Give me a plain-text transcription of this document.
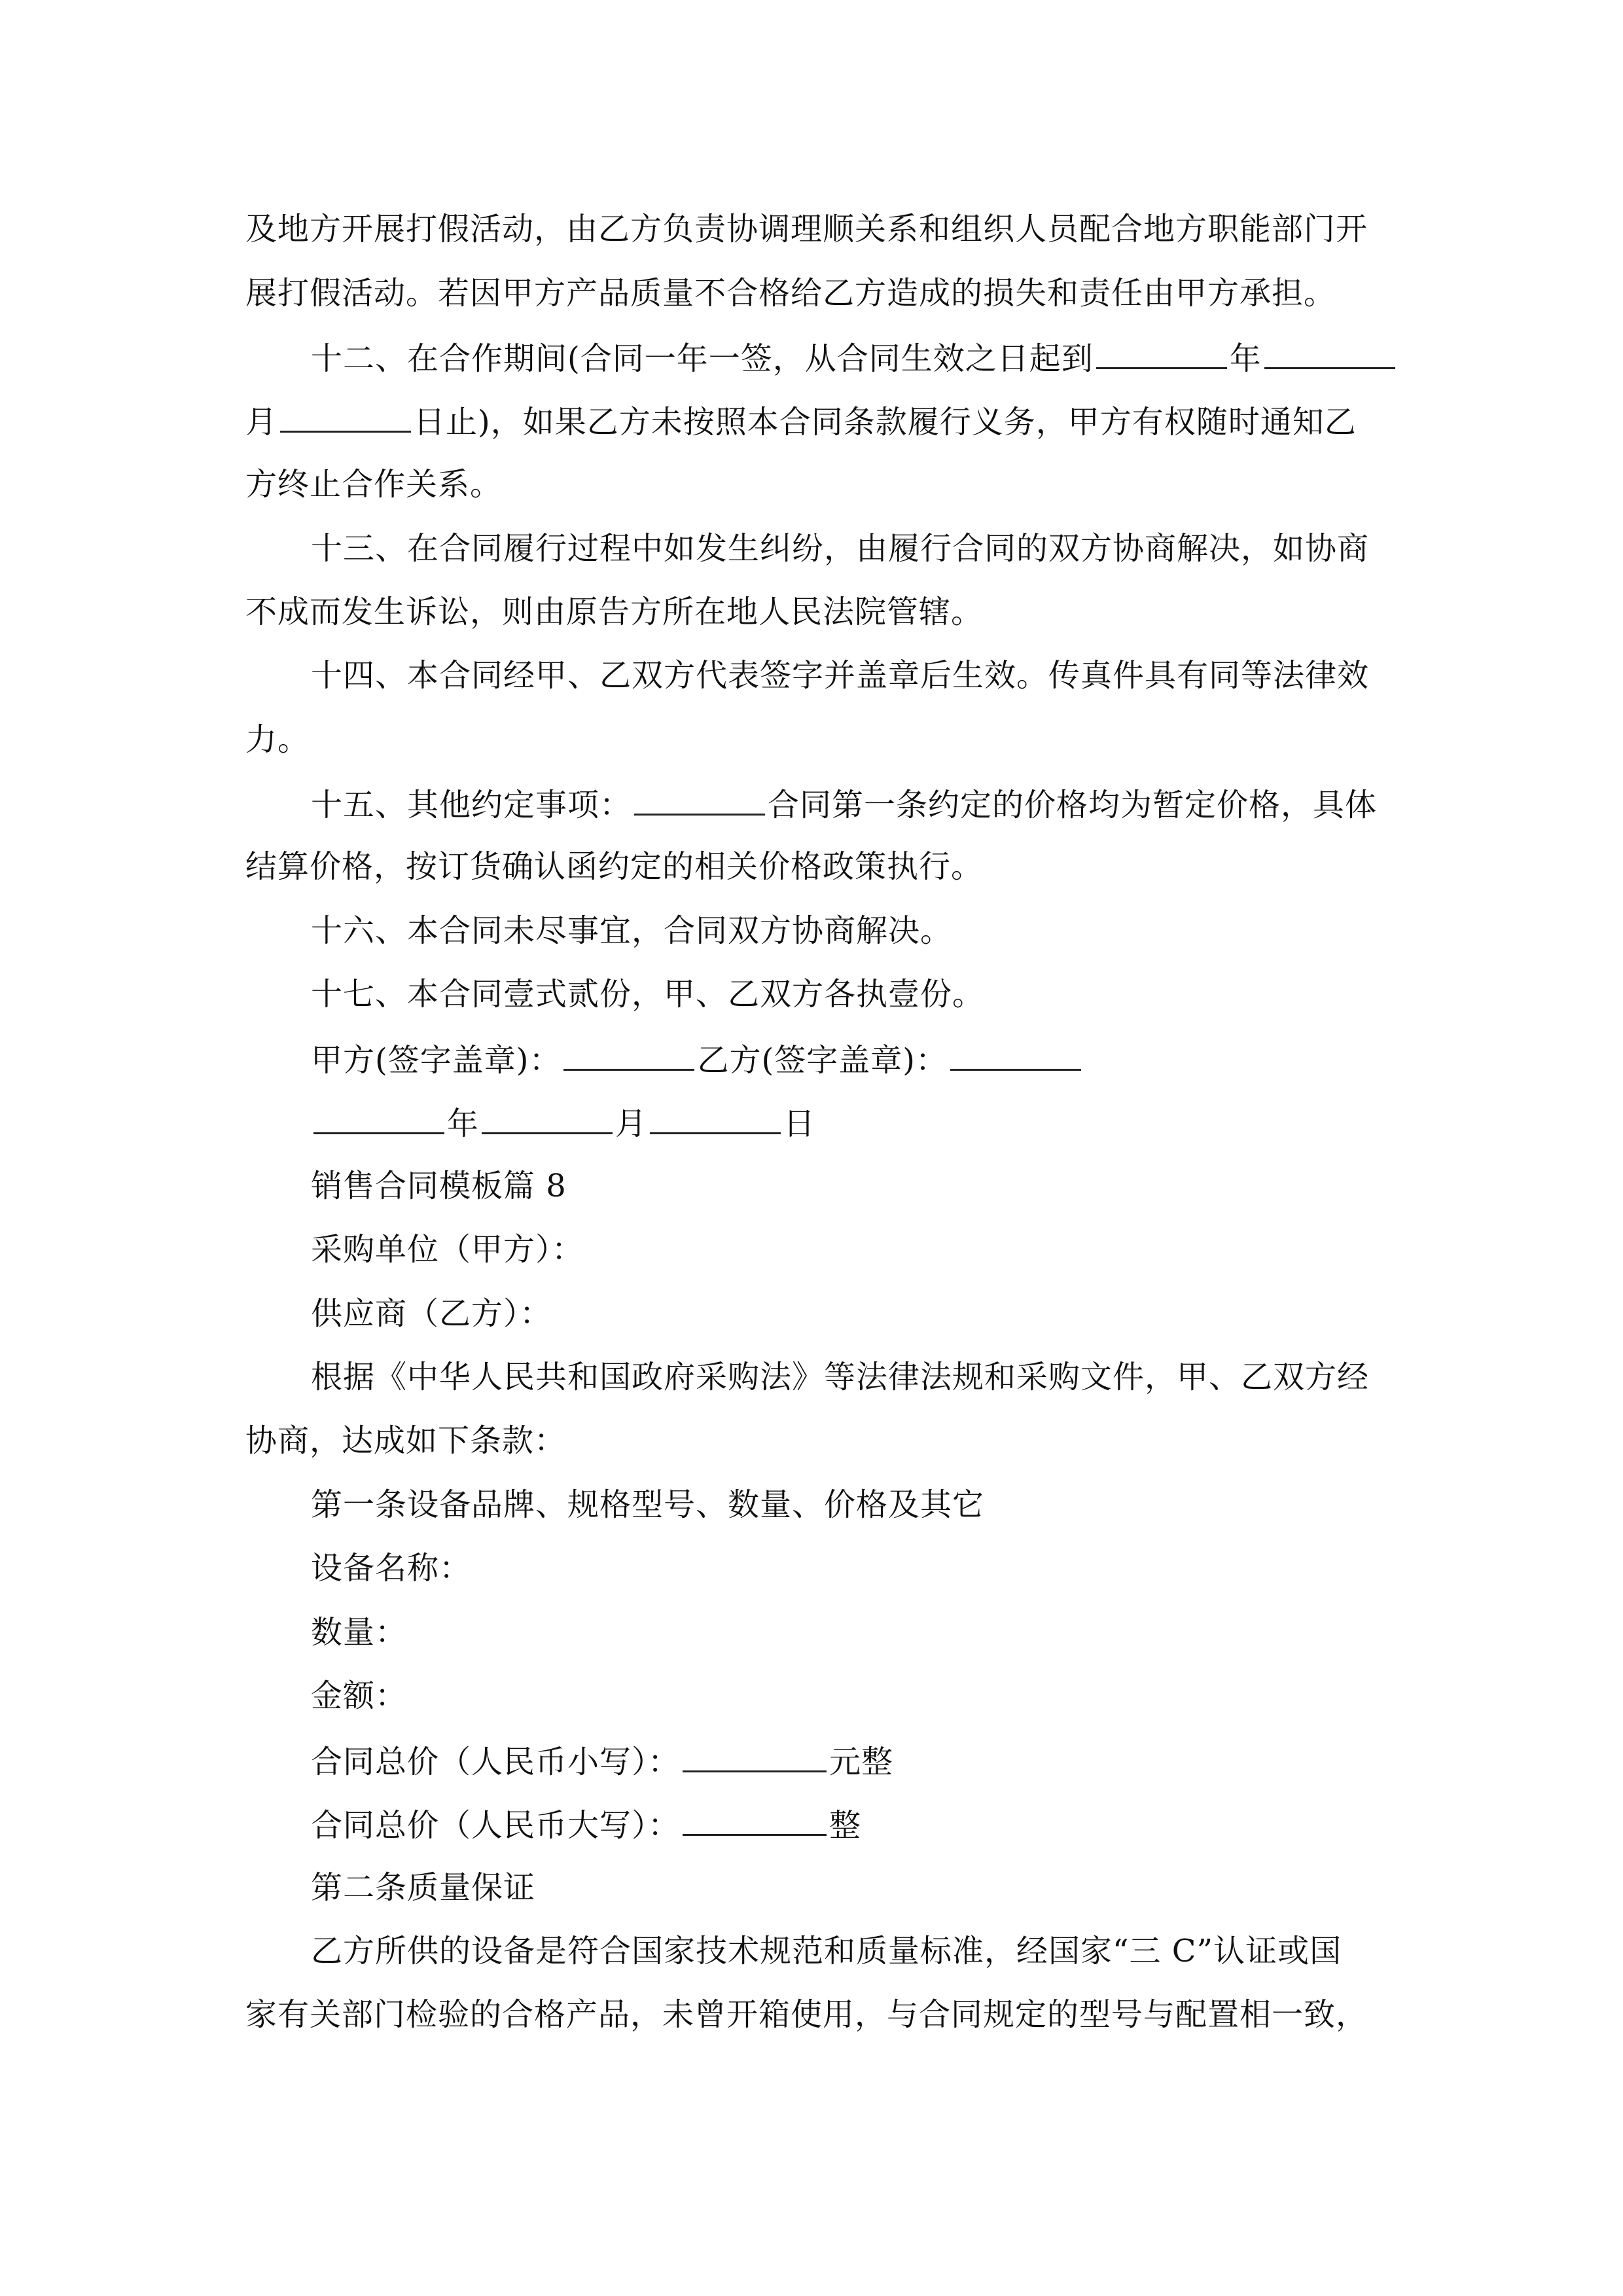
及地方开展打假活动，由乙方负责协调理顺关系和组织人员配合地方职能部门开
展打假活动。若因甲方产品质量不合格给乙方造成的损失和责任由甲方承担。
十二、在合作期间(合同一年一签，从合同生效之日起到	年
月	日止)，如果乙方未按照本合同条款履行义务，甲方有权随时通知乙
方终止合作关系。
十三、在合同履行过程中如发生纠纷，由履行合同的双方协商解决，如协商
不成而发生诉讼，则由原告方所在地人民法院管辖。
十四、本合同经甲、乙双方代表签字并盖章后生效。传真件具有同等法律效
力。
十五、其他约定事项：	合同第一条约定的价格均为暂定价格，具体
结算价格，按订货确认函约定的相关价格政策执行。
十六、本合同未尽事宜，合同双方协商解决。
十七、本合同壹式贰份，甲、乙双方各执壹份。
甲方(签字盖章)：	乙方(签字盖章)：
年	月	日
销售合同模板篇 8
采购单位（甲方）：
供应商（乙方）：
根据《中华人民共和国政府采购法》等法律法规和采购文件，甲、乙双方经
协商，达成如下条款：
第一条设备品牌、规格型号、数量、价格及其它
设备名称：
数量：
金额：
合同总价（人民币小写）：	元整
合同总价（人民币大写）：	整
第二条质量保证
乙方所供的设备是符合国家技术规范和质量标准，经国家“三 C”认证或国
家有关部门检验的合格产品，未曾开箱使用，与合同规定的型号与配置相一致，
